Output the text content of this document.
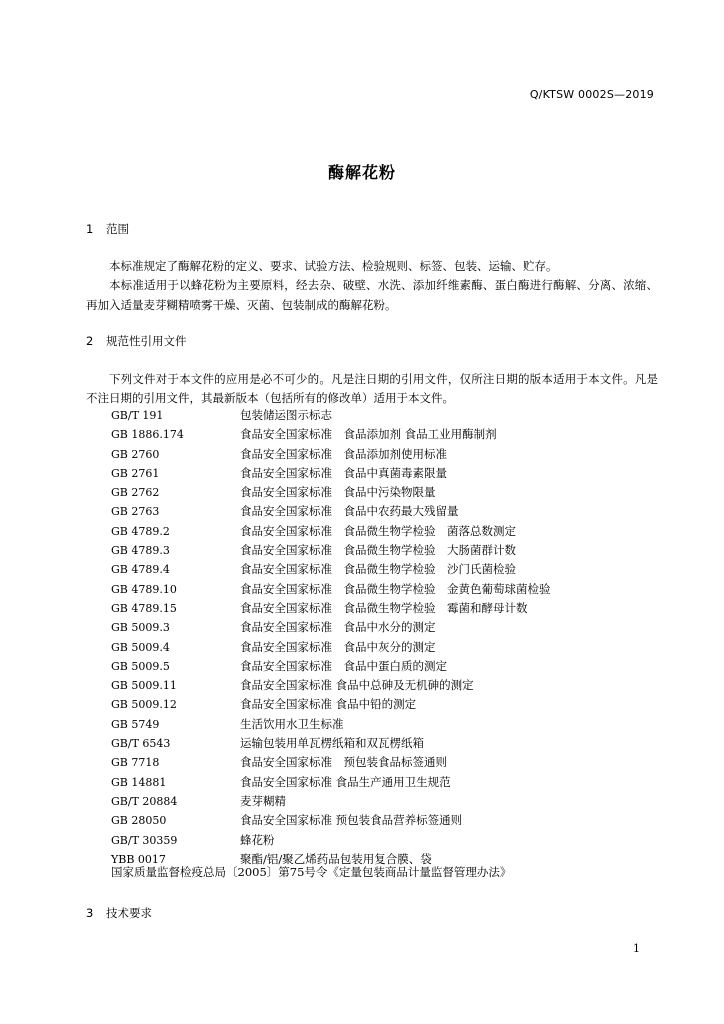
Q/KTSW 0002S—2019
酶解花粉
1 范围
本标准规定了酶解花粉的定义、要求、试验方法、检验规则、标签、包装、运输、贮存。
本标准适用于以蜂花粉为主要原料，经去杂、破壁、水洗、添加纤维素酶、蛋白酶进行酶解、分离、浓缩、再加入适量麦芽糊精喷雾干燥、灭菌、包装制成的酶解花粉。
2 规范性引用文件
下列文件对于本文件的应用是必不可少的。凡是注日期的引用文件，仅所注日期的版本适用于本文件。凡是不注日期的引用文件，其最新版本（包括所有的修改单）适用于本文件。
GB/T 191	包装储运图示标志
GB 1886.174	食品安全国家标准　食品添加剂 食品工业用酶制剂
GB 2760	食品安全国家标准　食品添加剂使用标准
GB 2761	食品安全国家标准　食品中真菌毒素限量
GB 2762	食品安全国家标准　食品中污染物限量
GB 2763	食品安全国家标准　食品中农药最大残留量
GB 4789.2	食品安全国家标准　食品微生物学检验　菌落总数测定
GB 4789.3	食品安全国家标准　食品微生物学检验　大肠菌群计数
GB 4789.4	食品安全国家标准　食品微生物学检验　沙门氏菌检验
GB 4789.10	食品安全国家标准　食品微生物学检验　金黄色葡萄球菌检验
GB 4789.15	食品安全国家标准　食品微生物学检验　霉菌和酵母计数
GB 5009.3	食品安全国家标准　食品中水分的测定
GB 5009.4	食品安全国家标准　食品中灰分的测定
GB 5009.5	食品安全国家标准　食品中蛋白质的测定
GB 5009.11	食品安全国家标准 食品中总砷及无机砷的测定
GB 5009.12	食品安全国家标准 食品中铅的测定
GB 5749	生活饮用水卫生标准
GB/T 6543	运输包装用单瓦楞纸箱和双瓦楞纸箱
GB 7718	食品安全国家标准　预包装食品标签通则
GB 14881	食品安全国家标准 食品生产通用卫生规范
GB/T 20884	麦芽糊精
GB 28050	食品安全国家标准 预包装食品营养标签通则
GB/T 30359	蜂花粉
YBB 0017	聚酯/铝/聚乙烯药品包装用复合膜、袋
国家质量监督检疫总局〔2005〕第75号令《定量包装商品计量监督管理办法》
3 技术要求
1
